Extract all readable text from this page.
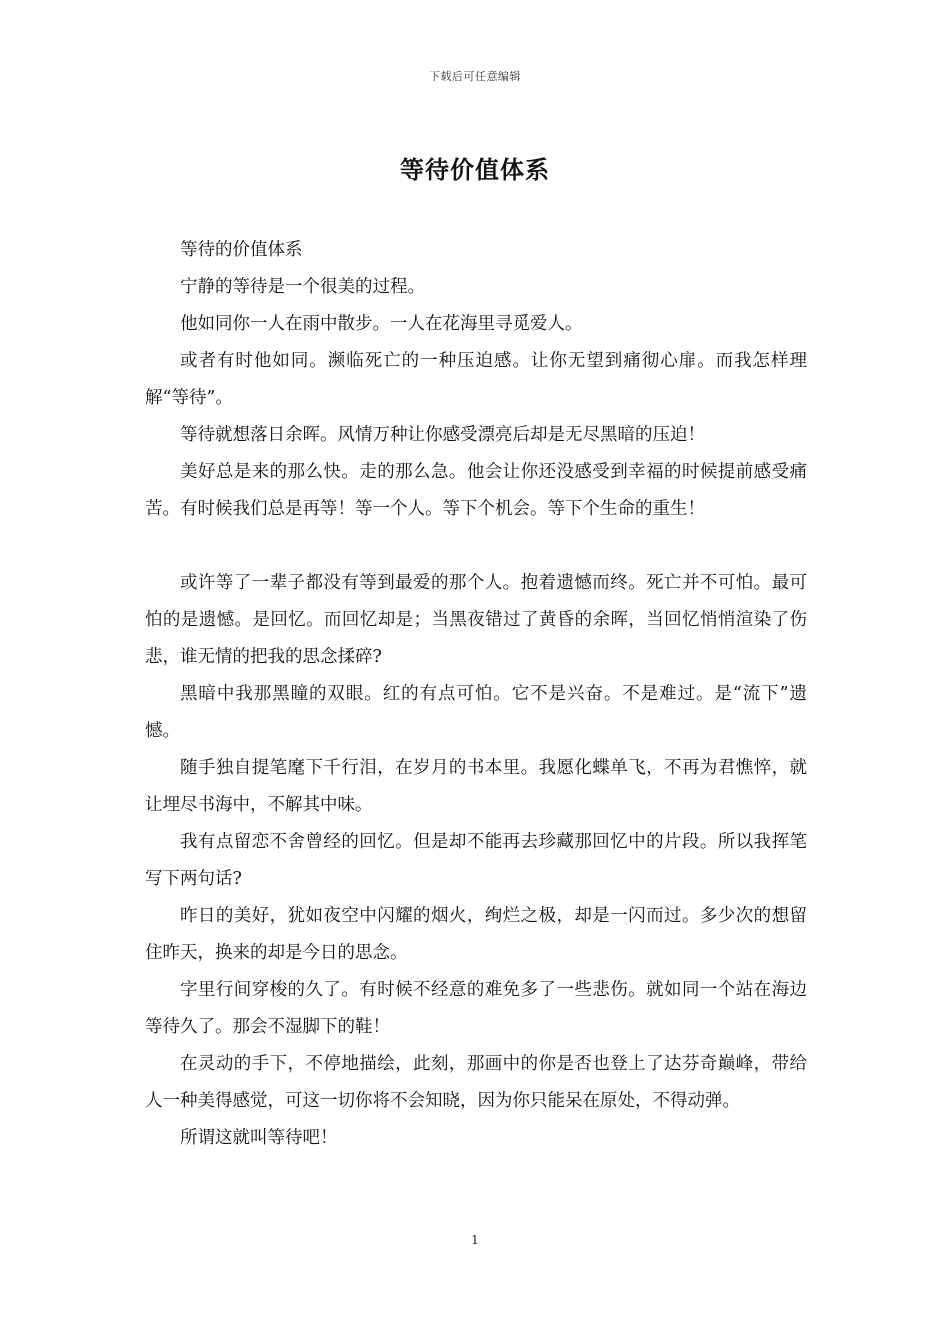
下载后可任意编辑
等待价值体系

等待的价值体系

宁静的等待是一个很美的过程。

他如同你一人在雨中散步。一人在花海里寻觅爱人。

或者有时他如同。濒临死亡的一种压迫感。让你无望到痛彻心扉。而我怎样理解“等待”。

等待就想落日余晖。风情万种让你感受漂亮后却是无尽黑暗的压迫！

美好总是来的那么快。走的那么急。他会让你还没感受到幸福的时候提前感受痛苦。有时候我们总是再等！等一个人。等下个机会。等下个生命的重生！

或许等了一辈子都没有等到最爱的那个人。抱着遗憾而终。死亡并不可怕。最可怕的是遗憾。是回忆。而回忆却是；当黑夜错过了黄昏的余晖，当回忆悄悄渲染了伤悲，谁无情的把我的思念揉碎?

黑暗中我那黑瞳的双眼。红的有点可怕。它不是兴奋。不是难过。是“流下”遗憾。

随手独自提笔麾下千行泪，在岁月的书本里。我愿化蝶单飞，不再为君憔悴，就让埋尽书海中，不解其中味。

我有点留恋不舍曾经的回忆。但是却不能再去珍藏那回忆中的片段。所以我挥笔写下两句话?

昨日的美好，犹如夜空中闪耀的烟火，绚烂之极，却是一闪而过。多少次的想留住昨天，换来的却是今日的思念。

字里行间穿梭的久了。有时候不经意的难免多了一些悲伤。就如同一个站在海边等待久了。那会不湿脚下的鞋！

在灵动的手下，不停地描绘，此刻，那画中的你是否也登上了达芬奇巅峰，带给人一种美得感觉，可这一切你将不会知晓，因为你只能呆在原处，不得动弹。

所谓这就叫等待吧！

1
